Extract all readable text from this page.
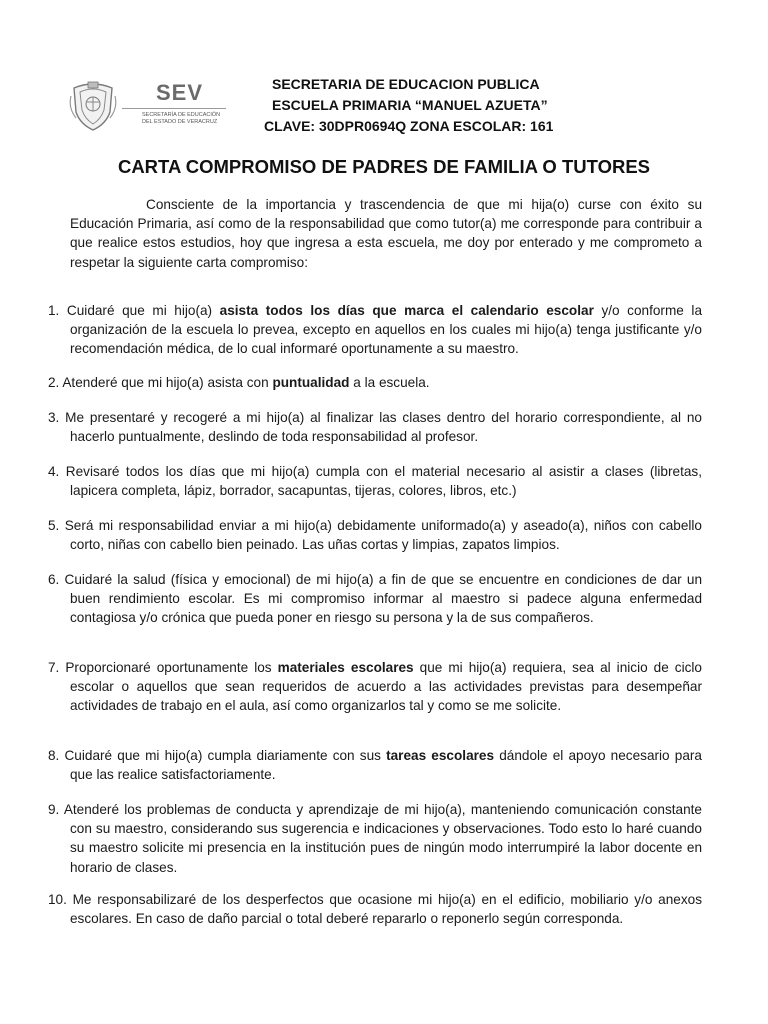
SEV
SECRETARÍA DE EDUCACIÓN
DEL ESTADO DE VERACRUZ
SECRETARIA DE EDUCACION PUBLICA
ESCUELA PRIMARIA “MANUEL AZUETA”
CLAVE: 30DPR0694Q ZONA ESCOLAR: 161
CARTA COMPROMISO DE PADRES DE FAMILIA O TUTORES
Consciente de la importancia y trascendencia de que mi hija(o) curse con éxito su Educación Primaria, así como de la responsabilidad que como tutor(a) me corresponde para contribuir a que realice estos estudios, hoy que ingresa a esta escuela, me doy por enterado y me comprometo a respetar la siguiente carta compromiso:
1. Cuidaré que mi hijo(a) asista todos los días que marca el calendario escolar y/o conforme la organización de la escuela lo prevea, excepto en aquellos en los cuales mi hijo(a) tenga justificante y/o recomendación médica, de lo cual informaré oportunamente a su maestro.
2. Atenderé que mi hijo(a) asista con puntualidad a la escuela.
3. Me presentaré y recogeré a mi hijo(a) al finalizar las clases dentro del horario correspondiente, al no hacerlo puntualmente, deslindo de toda responsabilidad al profesor.
4. Revisaré todos los días que mi hijo(a) cumpla con el material necesario al asistir a clases (libretas, lapicera completa, lápiz, borrador, sacapuntas, tijeras, colores, libros, etc.)
5. Será mi responsabilidad enviar a mi hijo(a) debidamente uniformado(a) y aseado(a), niños con cabello corto, niñas con cabello bien peinado. Las uñas cortas y limpias, zapatos limpios.
6. Cuidaré la salud (física y emocional) de mi hijo(a) a fin de que se encuentre en condiciones de dar un buen rendimiento escolar. Es mi compromiso informar al maestro si padece alguna enfermedad contagiosa y/o crónica que pueda poner en riesgo su persona y la de sus compañeros.
7. Proporcionaré oportunamente los materiales escolares que mi hijo(a) requiera, sea al inicio de ciclo escolar o aquellos que sean requeridos de acuerdo a las actividades previstas para desempeñar actividades de trabajo en el aula, así como organizarlos tal y como se me solicite.
8. Cuidaré que mi hijo(a) cumpla diariamente con sus tareas escolares dándole el apoyo necesario para que las realice satisfactoriamente.
9. Atenderé los problemas de conducta y aprendizaje de mi hijo(a), manteniendo comunicación constante con su maestro, considerando sus sugerencia e indicaciones y observaciones. Todo esto lo haré cuando su maestro solicite mi presencia en la institución pues de ningún modo interrumpiré la labor docente en horario de clases.
10. Me responsabilizaré de los desperfectos que ocasione mi hijo(a) en el edificio, mobiliario y/o anexos escolares. En caso de daño parcial o total deberé repararlo o reponerlo según corresponda.
